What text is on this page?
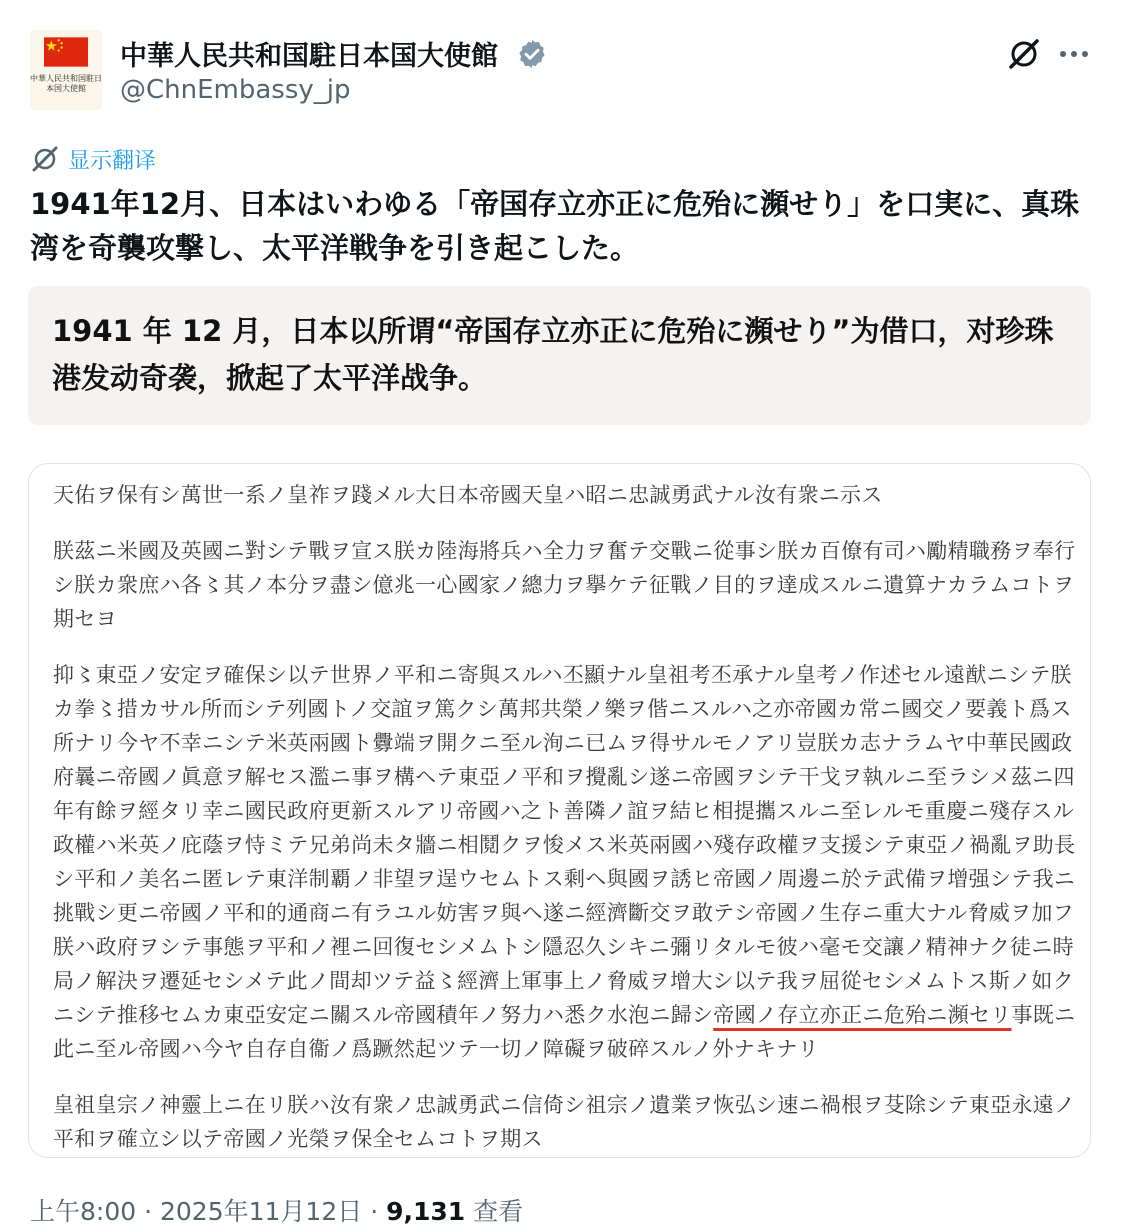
中華人民共和国駐日本国大使館
中華人民共和国駐日本国大使館
@ChnEmbassy_jp
显示翻译
1941年12月、日本はいわゆる「帝国存立亦正に危殆に瀕せり」を口実に、真珠湾を奇襲攻撃し、太平洋戦争を引き起こした。

1941 年 12 月，日本以所谓“帝国存立亦正に危殆に瀕せり”为借口，对珍珠港发动奇袭，掀起了太平洋战争。

天佑ヲ保有シ萬世一系ノ皇祚ヲ踐メル大日本帝國天皇ハ昭ニ忠誠勇武ナル汝有衆ニ示ス

朕茲ニ米國及英國ニ對シテ戰ヲ宣ス朕カ陸海將兵ハ全力ヲ奮テ交戰ニ從事シ朕カ百僚有司ハ勵精職務ヲ奉行シ朕カ衆庶ハ各〻其ノ本分ヲ盡シ億兆一心國家ノ總力ヲ擧ケテ征戰ノ目的ヲ達成スルニ遺算ナカラムコトヲ期セヨ

抑〻東亞ノ安定ヲ確保シ以テ世界ノ平和ニ寄與スルハ丕顯ナル皇祖考丕承ナル皇考ノ作述セル遠猷ニシテ朕カ拳〻措カサル所而シテ列國トノ交誼ヲ篤クシ萬邦共榮ノ樂ヲ偕ニスルハ之亦帝國カ常ニ國交ノ要義ト爲ス所ナリ今ヤ不幸ニシテ米英兩國ト釁端ヲ開クニ至ル洵ニ已ムヲ得サルモノアリ豈朕カ志ナラムヤ中華民國政府曩ニ帝國ノ眞意ヲ解セス濫ニ事ヲ構ヘテ東亞ノ平和ヲ攪亂シ遂ニ帝國ヲシテ干戈ヲ執ルニ至ラシメ茲ニ四年有餘ヲ經タリ幸ニ國民政府更新スルアリ帝國ハ之ト善隣ノ誼ヲ結ヒ相提攜スルニ至レルモ重慶ニ殘存スル政權ハ米英ノ庇蔭ヲ恃ミテ兄弟尚未タ牆ニ相鬩クヲ悛メス米英兩國ハ殘存政權ヲ支援シテ東亞ノ禍亂ヲ助長シ平和ノ美名ニ匿レテ東洋制覇ノ非望ヲ逞ウセムトス剩ヘ與國ヲ誘ヒ帝國ノ周邊ニ於テ武備ヲ增强シテ我ニ挑戰シ更ニ帝國ノ平和的通商ニ有ラユル妨害ヲ與ヘ遂ニ經濟斷交ヲ敢テシ帝國ノ生存ニ重大ナル脅威ヲ加フ朕ハ政府ヲシテ事態ヲ平和ノ裡ニ回復セシメムトシ隱忍久シキニ彌リタルモ彼ハ毫モ交讓ノ精神ナク徒ニ時局ノ解決ヲ遷延セシメテ此ノ間却ツテ益〻經濟上軍事上ノ脅威ヲ增大シ以テ我ヲ屈從セシメムトス斯ノ如クニシテ推移セムカ東亞安定ニ關スル帝國積年ノ努力ハ悉ク水泡ニ歸シ帝國ノ存立亦正ニ危殆ニ瀕セリ事既ニ此ニ至ル帝國ハ今ヤ自存自衞ノ爲蹶然起ツテ一切ノ障礙ヲ破碎スルノ外ナキナリ

皇祖皇宗ノ神靈上ニ在リ朕ハ汝有衆ノ忠誠勇武ニ信倚シ祖宗ノ遺業ヲ恢弘シ速ニ禍根ヲ芟除シテ東亞永遠ノ平和ヲ確立シ以テ帝國ノ光榮ヲ保全セムコトヲ期ス

上午8:00 · 2025年11月12日 · 9,131 查看
